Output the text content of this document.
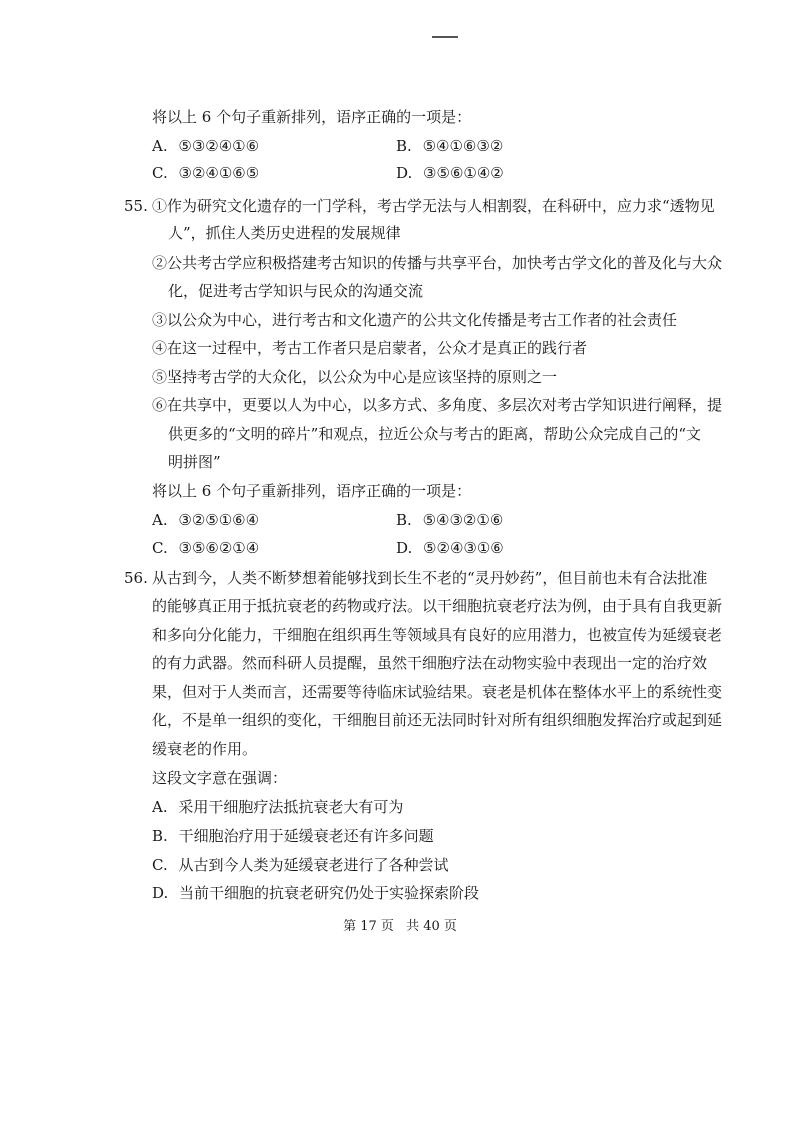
将以上 6 个句子重新排列，语序正确的一项是：
A. ⑤③②④①⑥	B. ⑤④①⑥③②
C. ③②④①⑥⑤	D. ③⑤⑥①④②
55. ①作为研究文化遗存的一门学科，考古学无法与人相割裂，在科研中，应力求“透物见
人”，抓住人类历史进程的发展规律
②公共考古学应积极搭建考古知识的传播与共享平台，加快考古学文化的普及化与大众
化，促进考古学知识与民众的沟通交流
③以公众为中心，进行考古和文化遗产的公共文化传播是考古工作者的社会责任
④在这一过程中，考古工作者只是启蒙者，公众才是真正的践行者
⑤坚持考古学的大众化，以公众为中心是应该坚持的原则之一
⑥在共享中，更要以人为中心，以多方式、多角度、多层次对考古学知识进行阐释，提
供更多的“文明的碎片”和观点，拉近公众与考古的距离，帮助公众完成自己的“文
明拼图”
将以上 6 个句子重新排列，语序正确的一项是：
A. ③②⑤①⑥④	B. ⑤④③②①⑥
C. ③⑤⑥②①④	D. ⑤②④③①⑥
56. 从古到今，人类不断梦想着能够找到长生不老的“灵丹妙药”，但目前也未有合法批准
的能够真正用于抵抗衰老的药物或疗法。以干细胞抗衰老疗法为例，由于具有自我更新
和多向分化能力，干细胞在组织再生等领域具有良好的应用潜力，也被宣传为延缓衰老
的有力武器。然而科研人员提醒，虽然干细胞疗法在动物实验中表现出一定的治疗效
果，但对于人类而言，还需要等待临床试验结果。衰老是机体在整体水平上的系统性变
化，不是单一组织的变化，干细胞目前还无法同时针对所有组织细胞发挥治疗或起到延
缓衰老的作用。
这段文字意在强调：
A. 采用干细胞疗法抵抗衰老大有可为
B. 干细胞治疗用于延缓衰老还有许多问题
C. 从古到今人类为延缓衰老进行了各种尝试
D. 当前干细胞的抗衰老研究仍处于实验探索阶段
第 17 页 共 40 页
